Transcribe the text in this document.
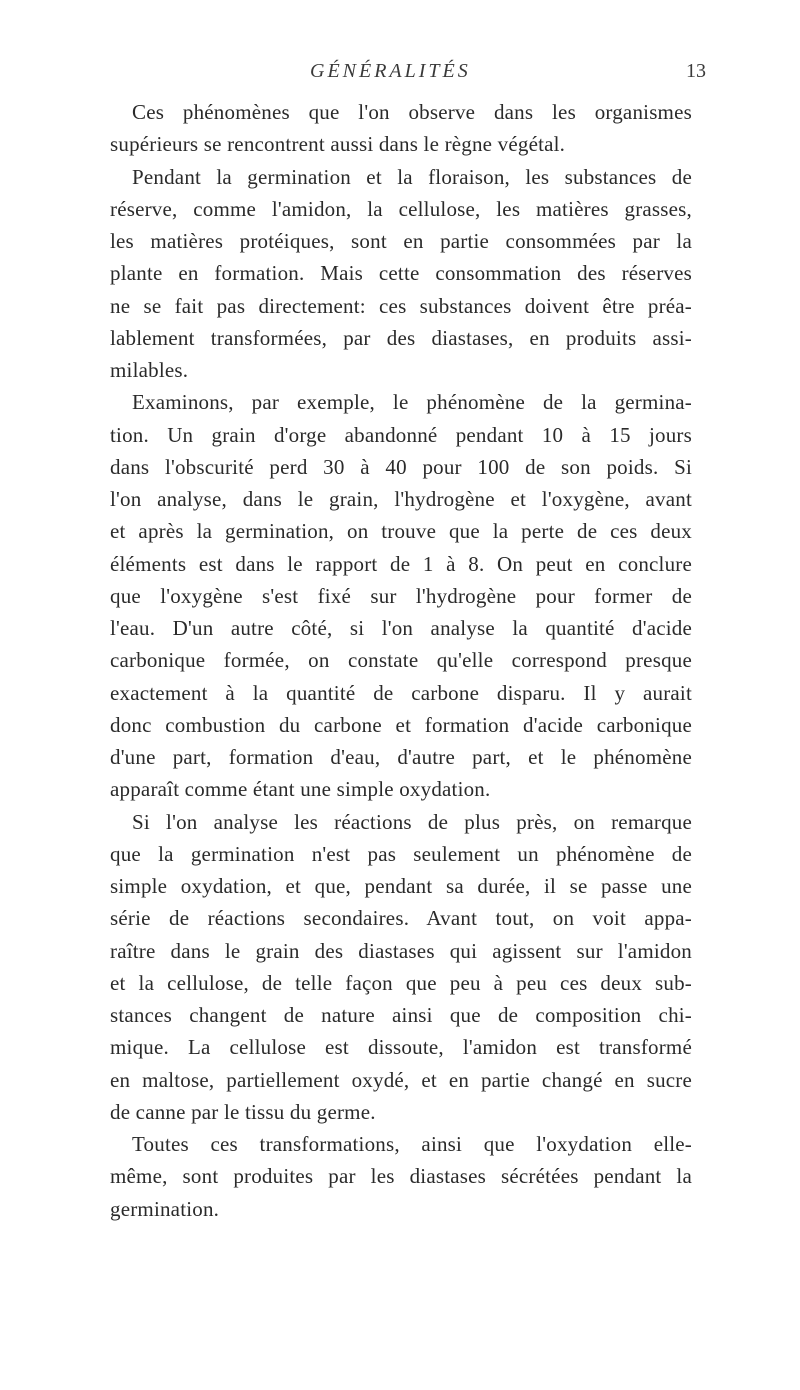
GÉNÉRALITÉS	13
Ces phénomènes que l'on observe dans les organismes
supérieurs se rencontrent aussi dans le règne végétal.
Pendant la germination et la floraison, les substances de
réserve, comme l'amidon, la cellulose, les matières grasses,
les matières protéiques, sont en partie consommées par la
plante en formation. Mais cette consommation des réserves
ne se fait pas directement: ces substances doivent être préa-
lablement transformées, par des diastases, en produits assi-
milables.
Examinons, par exemple, le phénomène de la germina-
tion. Un grain d'orge abandonné pendant 10 à 15 jours
dans l'obscurité perd 30 à 40 pour 100 de son poids. Si
l'on analyse, dans le grain, l'hydrogène et l'oxygène, avant
et après la germination, on trouve que la perte de ces deux
éléments est dans le rapport de 1 à 8. On peut en conclure
que l'oxygène s'est fixé sur l'hydrogène pour former de
l'eau. D'un autre côté, si l'on analyse la quantité d'acide
carbonique formée, on constate qu'elle correspond presque
exactement à la quantité de carbone disparu. Il y aurait
donc combustion du carbone et formation d'acide carbonique
d'une part, formation d'eau, d'autre part, et le phénomène
apparaît comme étant une simple oxydation.
Si l'on analyse les réactions de plus près, on remarque
que la germination n'est pas seulement un phénomène de
simple oxydation, et que, pendant sa durée, il se passe une
série de réactions secondaires. Avant tout, on voit appa-
raître dans le grain des diastases qui agissent sur l'amidon
et la cellulose, de telle façon que peu à peu ces deux sub-
stances changent de nature ainsi que de composition chi-
mique. La cellulose est dissoute, l'amidon est transformé
en maltose, partiellement oxydé, et en partie changé en sucre
de canne par le tissu du germe.
Toutes ces transformations, ainsi que l'oxydation elle-
même, sont produites par les diastases sécrétées pendant la
germination.
